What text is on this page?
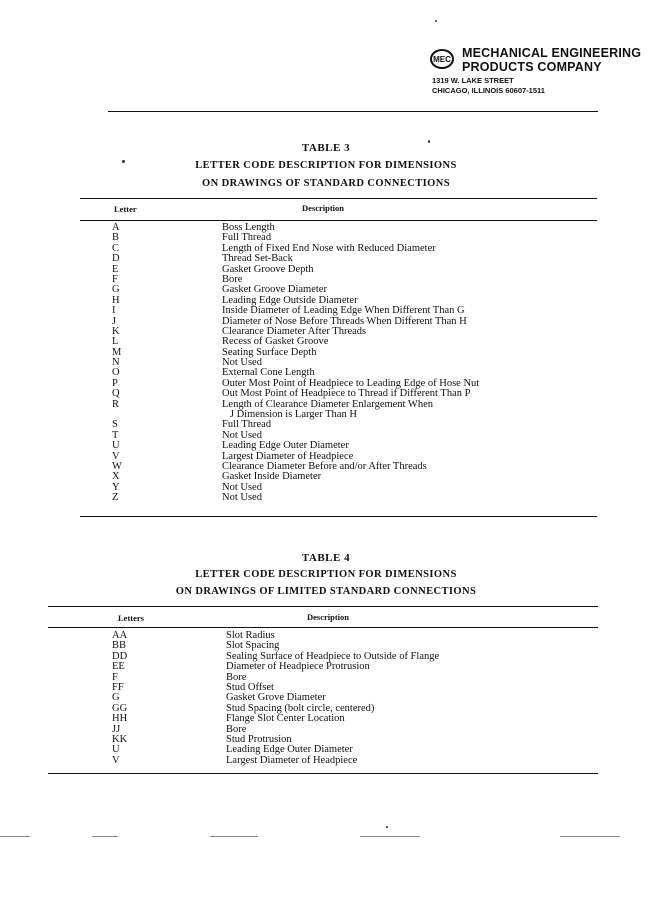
MEC MECHANICAL ENGINEERING
PRODUCTS COMPANY
1319 W. LAKE STREET
CHICAGO, ILLINOIS 60607-1511
TABLE 3
LETTER CODE DESCRIPTION FOR DIMENSIONS
ON DRAWINGS OF STANDARD CONNECTIONS
Letter	Description
A
B
C
D
E
F
G
H
I
J
K
L
M
N
O
P
Q
R
S
T
U
V
W
X
Y
Z
Boss Length
Full Thread
Length of Fixed End Nose with Reduced Diameter
Thread Set-Back
Gasket Groove Depth
Bore
Gasket Groove Diameter
Leading Edge Outside Diameter
Inside Diameter of Leading Edge When Different Than G
Diameter of Nose Before Threads When Different Than H
Clearance Diameter After Threads
Recess of Gasket Groove
Seating Surface Depth
Not Used
External Cone Length
Outer Most Point of Headpiece to Leading Edge of Hose Nut
Out Most Point of Headpiece to Thread if Different Than P
Length of Clearance Diameter Enlargement When
J Dimension is Larger Than H
Full Thread
Not Used
Leading Edge Outer Diameter
Largest Diameter of Headpiece
Clearance Diameter Before and/or After Threads
Gasket Inside Diameter
Not Used
Not Used
TABLE 4
LETTER CODE DESCRIPTION FOR DIMENSIONS
ON DRAWINGS OF LIMITED STANDARD CONNECTIONS
Letters	Description
AA
BB
DD
EE
F
FF
G
GG
HH
JJ
KK
U
V
Slot Radius
Slot Spacing
Sealing Surface of Headpiece to Outside of Flange
Diameter of Headpiece Protrusion
Bore
Stud Offset
Gasket Grove Diameter
Stud Spacing (bolt circle, centered)
Flange Slot Center Location
Bore
Stud Protrusion
Leading Edge Outer Diameter
Largest Diameter of Headpiece
